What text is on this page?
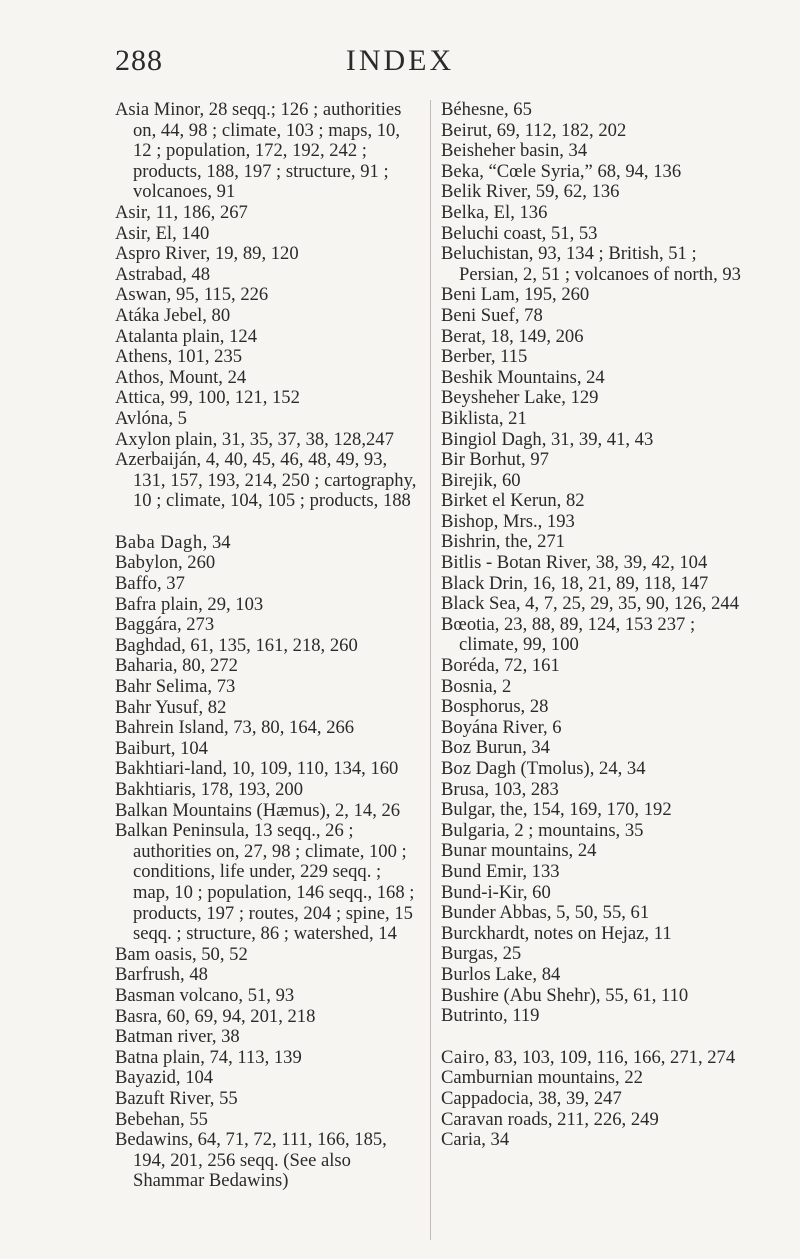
288	INDEX
Asia Minor, 28 seqq.; 126 ; authorities on, 44, 98 ; climate, 103 ; maps, 10, 12 ; population, 172, 192, 242 ; products, 188, 197 ; structure, 91 ; volcanoes, 91
Asir, 11, 186, 267
Asir, El, 140
Aspro River, 19, 89, 120
Astrabad, 48
Aswan, 95, 115, 226
Atáka Jebel, 80
Atalanta plain, 124
Athens, 101, 235
Athos, Mount, 24
Attica, 99, 100, 121, 152
Avlóna, 5
Axylon plain, 31, 35, 37, 38, 128,247
Azerbaiján, 4, 40, 45, 46, 48, 49, 93, 131, 157, 193, 214, 250 ; cartography, 10 ; climate, 104, 105 ; products, 188
Baba Dagh, 34
Babylon, 260
Baffo, 37
Bafra plain, 29, 103
Baggára, 273
Baghdad, 61, 135, 161, 218, 260
Baharia, 80, 272
Bahr Selima, 73
Bahr Yusuf, 82
Bahrein Island, 73, 80, 164, 266
Baiburt, 104
Bakhtiari-land, 10, 109, 110, 134, 160
Bakhtiaris, 178, 193, 200
Balkan Mountains (Hæmus), 2, 14, 26
Balkan Peninsula, 13 seqq., 26 ; authorities on, 27, 98 ; climate, 100 ; conditions, life under, 229 seqq. ; map, 10 ; population, 146 seqq., 168 ; products, 197 ; routes, 204 ; spine, 15 seqq. ; structure, 86 ; watershed, 14
Bam oasis, 50, 52
Barfrush, 48
Basman volcano, 51, 93
Basra, 60, 69, 94, 201, 218
Batman river, 38
Batna plain, 74, 113, 139
Bayazid, 104
Bazuft River, 55
Bebehan, 55
Bedawins, 64, 71, 72, 111, 166, 185, 194, 201, 256 seqq. (See also Shammar Bedawins)
Béhesne, 65
Beirut, 69, 112, 182, 202
Beisheher basin, 34
Beka, “Cœle Syria,” 68, 94, 136
Belik River, 59, 62, 136
Belka, El, 136
Beluchi coast, 51, 53
Beluchistan, 93, 134 ; British, 51 ; Persian, 2, 51 ; volcanoes of north, 93
Beni Lam, 195, 260
Beni Suef, 78
Berat, 18, 149, 206
Berber, 115
Beshik Mountains, 24
Beysheher Lake, 129
Biklista, 21
Bingiol Dagh, 31, 39, 41, 43
Bir Borhut, 97
Birejik, 60
Birket el Kerun, 82
Bishop, Mrs., 193
Bishrin, the, 271
Bitlis - Botan River, 38, 39, 42, 104
Black Drin, 16, 18, 21, 89, 118, 147
Black Sea, 4, 7, 25, 29, 35, 90, 126, 244
Bœotia, 23, 88, 89, 124, 153 237 ; climate, 99, 100
Boréda, 72, 161
Bosnia, 2
Bosphorus, 28
Boyána River, 6
Boz Burun, 34
Boz Dagh (Tmolus), 24, 34
Brusa, 103, 283
Bulgar, the, 154, 169, 170, 192
Bulgaria, 2 ; mountains, 35
Bunar mountains, 24
Bund Emir, 133
Bund-i-Kir, 60
Bunder Abbas, 5, 50, 55, 61
Burckhardt, notes on Hejaz, 11
Burgas, 25
Burlos Lake, 84
Bushire (Abu Shehr), 55, 61, 110
Butrinto, 119
Cairo, 83, 103, 109, 116, 166, 271, 274
Camburnian mountains, 22
Cappadocia, 38, 39, 247
Caravan roads, 211, 226, 249
Caria, 34
